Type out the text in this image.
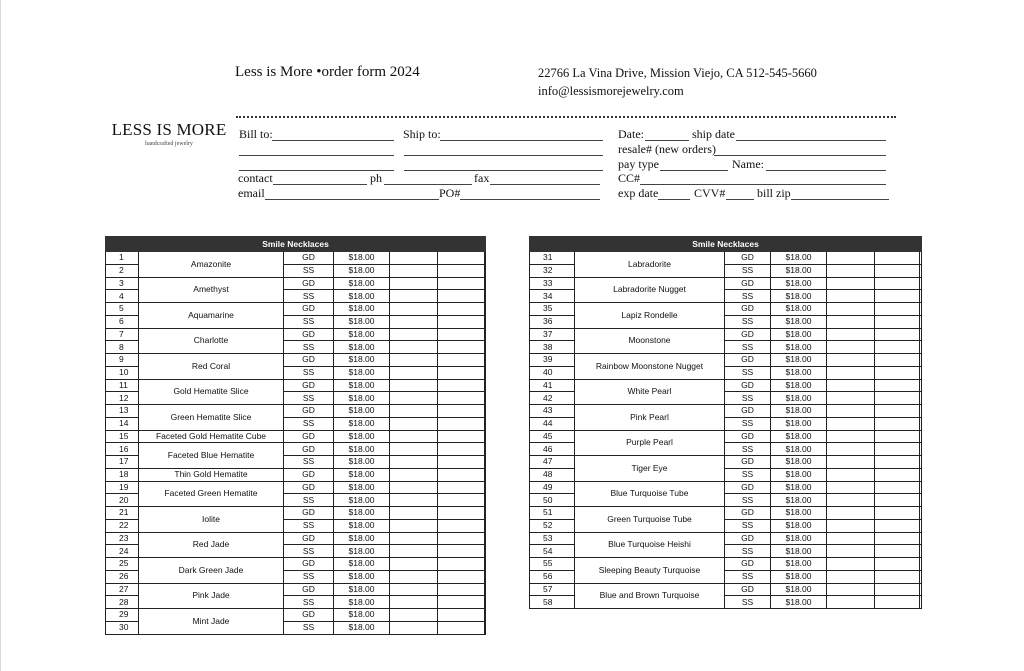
Less is More •order form 2024	22766 La Vina Drive, Mission Viejo, CA 512-545-5660
info@lessismorejewelry.com
LESS IS MORE
handcrafted jewelry
Bill to:	Ship to:	Date:	ship date
resale# (new orders)
pay type	Name:
contact	ph	fax	CC#
email	PO#	exp date	CVV#	bill zip
Smile Necklaces						
1	Amazonite	GD	$18.00			
2		SS	$18.00			
3	Amethyst	GD	$18.00			
4		SS	$18.00			
5	Aquamarine	GD	$18.00			
6		SS	$18.00			
7	Charlotte	GD	$18.00			
8		SS	$18.00			
9	Red Coral	GD	$18.00			
10		SS	$18.00			
11	Gold Hematite Slice	GD	$18.00			
12		SS	$18.00			
13	Green Hematite Slice	GD	$18.00			
14		SS	$18.00			
15	Faceted Gold Hematite Cube	GD	$18.00			
16	Faceted Blue Hematite	GD	$18.00			
17		SS	$18.00			
18	Thin Gold Hematite	GD	$18.00			
19	Faceted Green Hematite	GD	$18.00			
20		SS	$18.00			
21	Iolite	GD	$18.00			
22		SS	$18.00			
23	Red Jade	GD	$18.00			
24		SS	$18.00			
25	Dark Green Jade	GD	$18.00			
26		SS	$18.00			
27	Pink Jade	GD	$18.00			
28		SS	$18.00			
29	Mint Jade	GD	$18.00			
30		SS	$18.00			
Smile Necklaces						
31	Labradorite	GD	$18.00			
32		SS	$18.00			
33	Labradorite Nugget	GD	$18.00			
34		SS	$18.00			
35	Lapiz Rondelle	GD	$18.00			
36		SS	$18.00			
37	Moonstone	GD	$18.00			
38		SS	$18.00			
39	Rainbow Moonstone Nugget	GD	$18.00			
40		SS	$18.00			
41	White Pearl	GD	$18.00			
42		SS	$18.00			
43	Pink Pearl	GD	$18.00			
44		SS	$18.00			
45	Purple Pearl	GD	$18.00			
46		SS	$18.00			
47	Tiger Eye	GD	$18.00			
48		SS	$18.00			
49	Blue Turquoise Tube	GD	$18.00			
50		SS	$18.00			
51	Green Turquoise Tube	GD	$18.00			
52		SS	$18.00			
53	Blue Turquoise Heishi	GD	$18.00			
54		SS	$18.00			
55	Sleeping Beauty Turquoise	GD	$18.00			
56		SS	$18.00			
57	Blue and Brown Turquoise	GD	$18.00			
58		SS	$18.00			
